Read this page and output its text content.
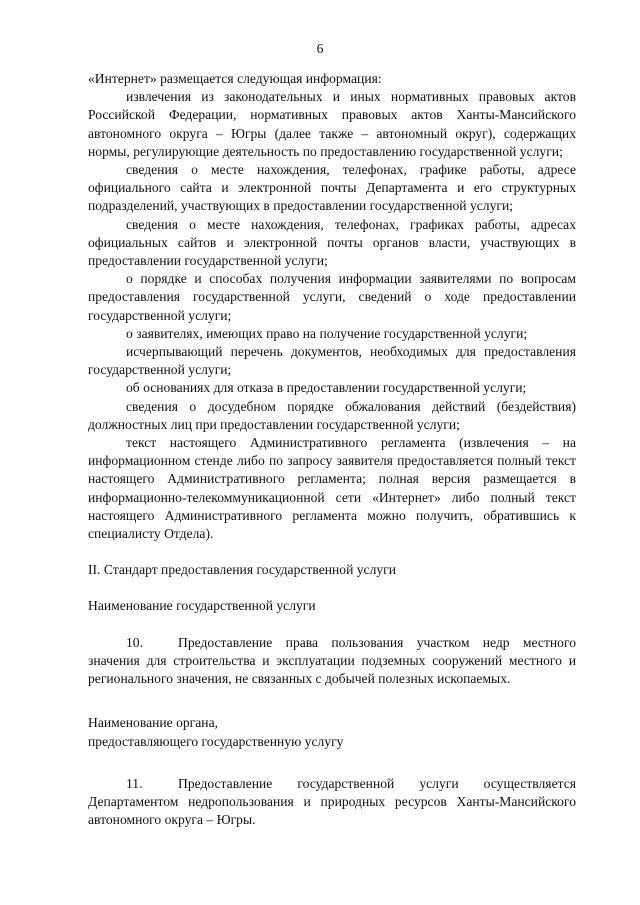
6

«Интернет» размещается следующая информация:

извлечения из законодательных и иных нормативных правовых актов Российской Федерации, нормативных правовых актов Ханты-Мансийского автономного округа – Югры (далее также – автономный округ), содержащих нормы, регулирующие деятельность по предоставлению государственной услуги;

сведения о месте нахождения, телефонах, графике работы, адресе официального сайта и электронной почты Департамента и его структурных подразделений, участвующих в предоставлении государственной услуги;

сведения о месте нахождения, телефонах, графиках работы, адресах официальных сайтов и электронной почты органов власти, участвующих в предоставлении государственной услуги;

о порядке и способах получения информации заявителями по вопросам предоставления государственной услуги, сведений о ходе предоставлении государственной услуги;

о заявителях, имеющих право на получение государственной услуги;

исчерпывающий перечень документов, необходимых для предоставления государственной услуги;

об основаниях для отказа в предоставлении государственной услуги;

сведения о досудебном порядке обжалования действий (бездействия) должностных лиц при предоставлении государственной услуги;

текст настоящего Административного регламента (извлечения – на информационном стенде либо по запросу заявителя предоставляется полный текст настоящего Административного регламента; полная версия размещается в информационно-телекоммуникационной сети «Интернет» либо полный текст настоящего Административного регламента можно получить, обратившись к специалисту Отдела).

II. Стандарт предоставления государственной услуги

Наименование государственной услуги

10.	Предоставление права пользования участком недр местного значения для строительства и эксплуатации подземных сооружений местного и регионального значения, не связанных с добычей полезных ископаемых.

Наименование органа,

предоставляющего государственную услугу

11.	Предоставление государственной услуги осуществляется Департаментом недропользования и природных ресурсов Ханты-Мансийского автономного округа – Югры.
